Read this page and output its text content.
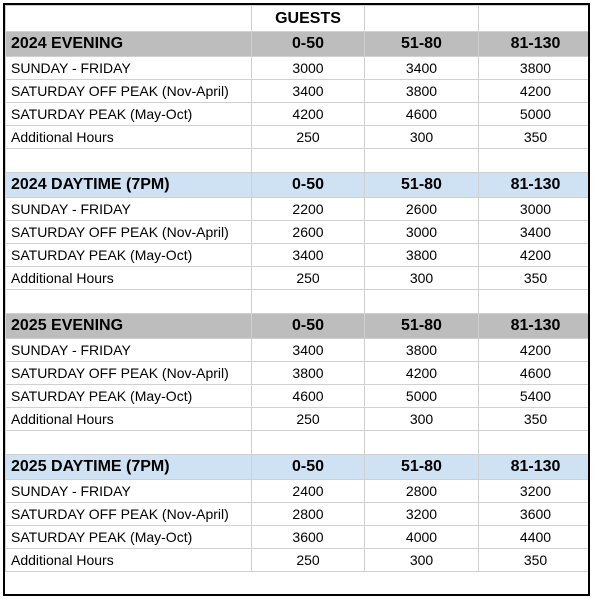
	GUESTS		
2024 EVENING	0-50	51-80	81-130
SUNDAY - FRIDAY	3000	3400	3800
SATURDAY OFF PEAK (Nov-April)	3400	3800	4200
SATURDAY PEAK (May-Oct)	4200	4600	5000
Additional Hours	250	300	350

2024 DAYTIME (7PM)	0-50	51-80	81-130
SUNDAY - FRIDAY	2200	2600	3000
SATURDAY OFF PEAK (Nov-April)	2600	3000	3400
SATURDAY PEAK (May-Oct)	3400	3800	4200
Additional Hours	250	300	350

2025 EVENING	0-50	51-80	81-130
SUNDAY - FRIDAY	3400	3800	4200
SATURDAY OFF PEAK (Nov-April)	3800	4200	4600
SATURDAY PEAK (May-Oct)	4600	5000	5400
Additional Hours	250	300	350

2025 DAYTIME (7PM)	0-50	51-80	81-130
SUNDAY - FRIDAY	2400	2800	3200
SATURDAY OFF PEAK (Nov-April)	2800	3200	3600
SATURDAY PEAK (May-Oct)	3600	4000	4400
Additional Hours	250	300	350
